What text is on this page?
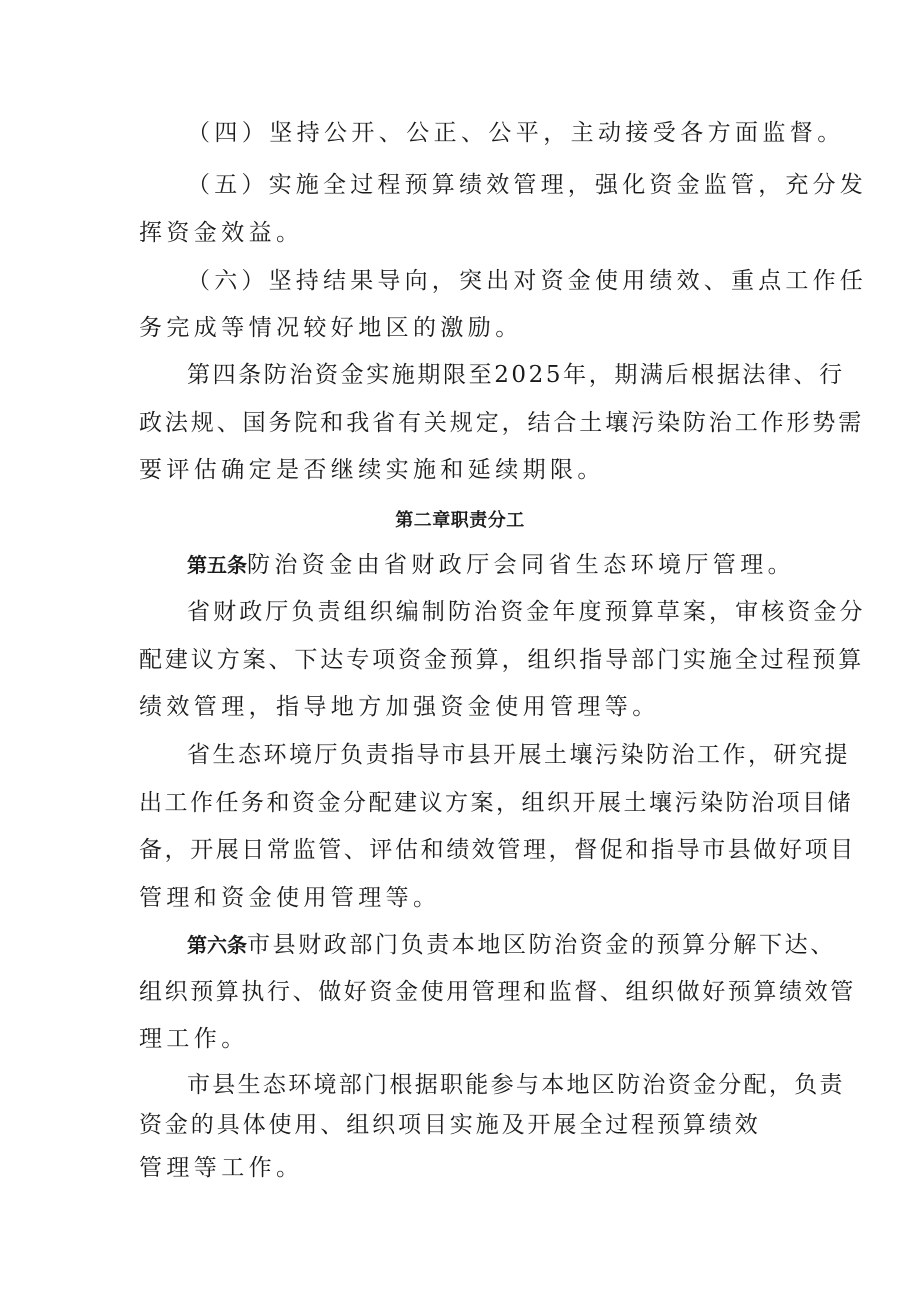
（四）坚持公开、公正、公平，主动接受各方面监督。
（五）实施全过程预算绩效管理，强化资金监管，充分发
挥资金效益。
（六）坚持结果导向，突出对资金使用绩效、重点工作任
务完成等情况较好地区的激励。
第四条防治资金实施期限至2025年，期满后根据法律、行
政法规、国务院和我省有关规定，结合土壤污染防治工作形势需
要评估确定是否继续实施和延续期限。
第二章职责分工
第五条防治资金由省财政厅会同省生态环境厅管理。
省财政厅负责组织编制防治资金年度预算草案，审核资金分
配建议方案、下达专项资金预算，组织指导部门实施全过程预算
绩效管理，指导地方加强资金使用管理等。
省生态环境厅负责指导市县开展土壤污染防治工作，研究提
出工作任务和资金分配建议方案，组织开展土壤污染防治项目储
备，开展日常监管、评估和绩效管理，督促和指导市县做好项目
管理和资金使用管理等。
第六条市县财政部门负责本地区防治资金的预算分解下达、
组织预算执行、做好资金使用管理和监督、组织做好预算绩效管
理工作。
市县生态环境部门根据职能参与本地区防治资金分配，负责
资金的具体使用、组织项目实施及开展全过程预算绩效
管理等工作。
